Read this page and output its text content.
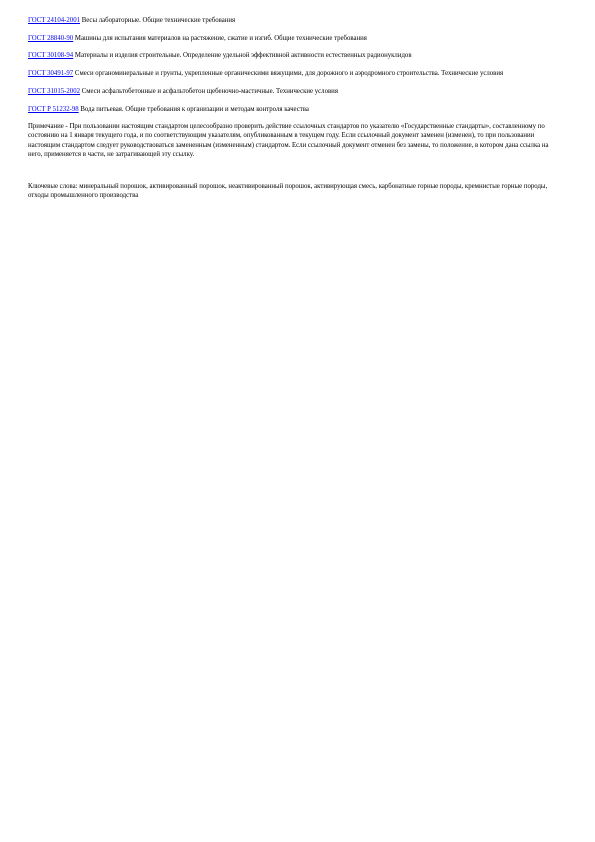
ГОСТ 24104-2001 Весы лабораторные. Общие технические требования
ГОСТ 28840-90 Машины для испытания материалов на растяжение, сжатие и изгиб. Общие технические требования
ГОСТ 30108-94 Материалы и изделия строительные. Определение удельной эффективной активности естественных радионуклидов
ГОСТ 30491-97 Смеси органоминеральные и грунты, укрепленные органическими вяжущими, для дорожного и аэродромного строительства. Технические условия
ГОСТ 31015-2002 Смеси асфальтобетонные и асфальтобетон щебеночно-мастичные. Технические условия
ГОСТ Р 51232-98 Вода питьевая. Общие требования к организации и методам контроля качества
Примечание - При пользовании настоящим стандартом целесообразно проверить действие ссылочных стандартов по указателю «Государственные стандарты», составленному по состоянию на 1 января текущего года, и по соответствующим указателям, опубликованным в текущем году. Если ссылочный документ заменен (изменен), то при пользовании настоящим стандартом следует руководствоваться замененным (измененным) стандартом. Если ссылочный документ отменен без замены, то положение, в котором дана ссылка на него, применяется в части, не затрагивающей эту ссылку.
Ключевые слова: минеральный порошок, активированный порошок, неактивированный порошок, активирующая смесь, карбонатные горные породы, кремнистые горные породы, отходы промышленного производства
